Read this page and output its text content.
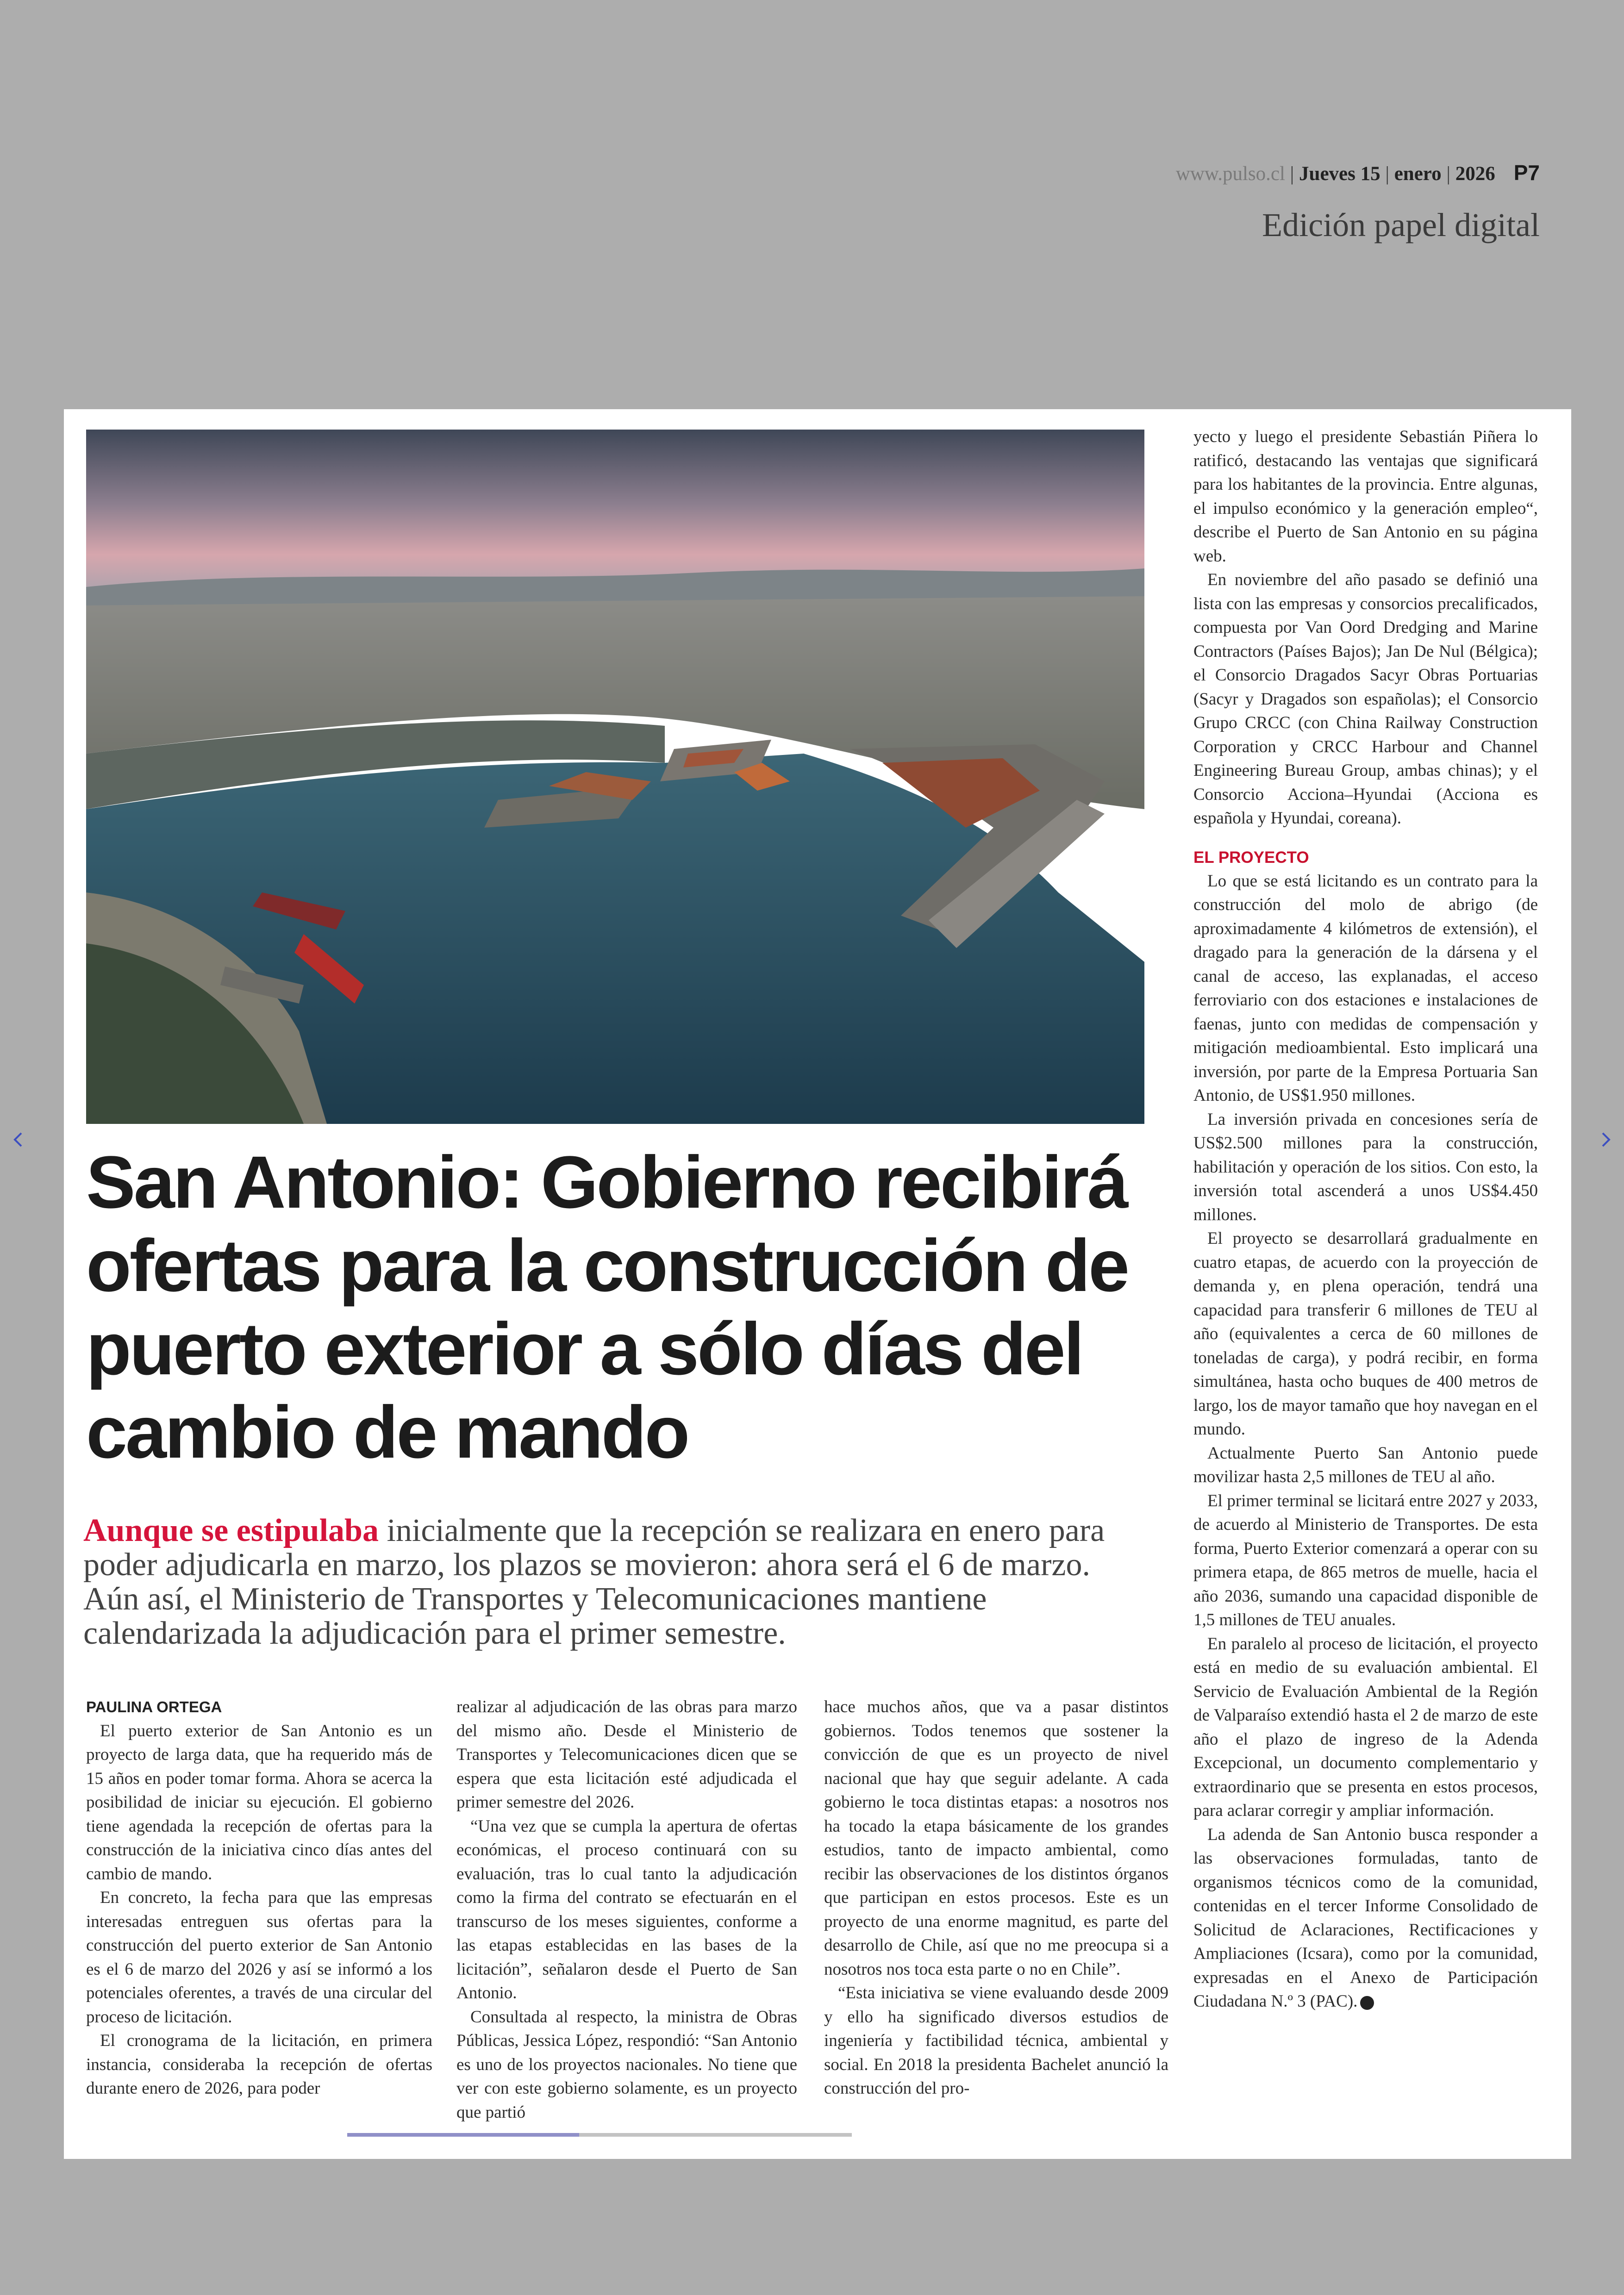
www.pulso.cl | Jueves 15 | enero | 2026 P7
Edición papel digital
San Antonio: Gobierno recibirá ofertas para la construcción de puerto exterior a sólo días del cambio de mando

Aunque se estipulaba inicialmente que la recepción se realizara en enero para poder adjudicarla en marzo, los plazos se movieron: ahora será el 6 de marzo. Aún así, el Ministerio de Transportes y Telecomunicaciones mantiene calendarizada la adjudicación para el primer semestre.

PAULINA ORTEGA

El puerto exterior de San Antonio es un proyecto de larga data, que ha requerido más de 15 años en poder tomar forma. Ahora se acerca la posibilidad de iniciar su ejecución. El gobierno tiene agendada la recepción de ofertas para la construcción de la iniciativa cinco días antes del cambio de mando.

En concreto, la fecha para que las empresas interesadas entreguen sus ofertas para la construcción del puerto exterior de San Antonio es el 6 de marzo del 2026 y así se informó a los potenciales oferentes, a través de una circular del proceso de licitación.

El cronograma de la licitación, en primera instancia, consideraba la recepción de ofertas durante enero de 2026, para poder

realizar al adjudicación de las obras para marzo del mismo año. Desde el Ministerio de Transportes y Telecomunicaciones dicen que se espera que esta licitación esté adjudicada el primer semestre del 2026.

“Una vez que se cumpla la apertura de ofertas económicas, el proceso continuará con su evaluación, tras lo cual tanto la adjudicación como la firma del contrato se efectuarán en el transcurso de los meses siguientes, conforme a las etapas establecidas en las bases de la licitación”, señalaron desde el Puerto de San Antonio.

Consultada al respecto, la ministra de Obras Públicas, Jessica López, respondió: “San Antonio es uno de los proyectos nacionales. No tiene que ver con este gobierno solamente, es un proyecto que partió

hace muchos años, que va a pasar distintos gobiernos. Todos tenemos que sostener la convicción de que es un proyecto de nivel nacional que hay que seguir adelante. A cada gobierno le toca distintas etapas: a nosotros nos ha tocado la etapa básicamente de los grandes estudios, tanto de impacto ambiental, como recibir las observaciones de los distintos órganos que participan en estos procesos. Este es un proyecto de una enorme magnitud, es parte del desarrollo de Chile, así que no me preocupa si a nosotros nos toca esta parte o no en Chile”.

“Esta iniciativa se viene evaluando desde 2009 y ello ha significado diversos estudios de ingeniería y factibilidad técnica, ambiental y social. En 2018 la presidenta Bachelet anunció la construcción del pro-

yecto y luego el presidente Sebastián Piñera lo ratificó, destacando las ventajas que significará para los habitantes de la provincia. Entre algunas, el impulso económico y la generación empleo“, describe el Puerto de San Antonio en su página web.

En noviembre del año pasado se definió una lista con las empresas y consorcios precalificados, compuesta por Van Oord Dredging and Marine Contractors (Países Bajos); Jan De Nul (Bélgica); el Consorcio Dragados Sacyr Obras Portuarias (Sacyr y Dragados son españolas); el Consorcio Grupo CRCC (con China Railway Construction Corporation y CRCC Harbour and Channel Engineering Bureau Group, ambas chinas); y el Consorcio Acciona–Hyundai (Acciona es española y Hyundai, coreana).

EL PROYECTO

Lo que se está licitando es un contrato para la construcción del molo de abrigo (de aproximadamente 4 kilómetros de extensión), el dragado para la generación de la dársena y el canal de acceso, las explanadas, el acceso ferroviario con dos estaciones e instalaciones de faenas, junto con medidas de compensación y mitigación medioambiental. Esto implicará una inversión, por parte de la Empresa Portuaria San Antonio, de US$1.950 millones.

La inversión privada en concesiones sería de US$2.500 millones para la construcción, habilitación y operación de los sitios. Con esto, la inversión total ascenderá a unos US$4.450 millones.

El proyecto se desarrollará gradualmente en cuatro etapas, de acuerdo con la proyección de demanda y, en plena operación, tendrá una capacidad para transferir 6 millones de TEU al año (equivalentes a cerca de 60 millones de toneladas de carga), y podrá recibir, en forma simultánea, hasta ocho buques de 400 metros de largo, los de mayor tamaño que hoy navegan en el mundo.

Actualmente Puerto San Antonio puede movilizar hasta 2,5 millones de TEU al año.

El primer terminal se licitará entre 2027 y 2033, de acuerdo al Ministerio de Transportes. De esta forma, Puerto Exterior comenzará a operar con su primera etapa, de 865 metros de muelle, hacia el año 2036, sumando una capacidad disponible de 1,5 millones de TEU anuales.

En paralelo al proceso de licitación, el proyecto está en medio de su evaluación ambiental. El Servicio de Evaluación Ambiental de la Región de Valparaíso extendió hasta el 2 de marzo de este año el plazo de ingreso de la Adenda Excepcional, un documento complementario y extraordinario que se presenta en estos procesos, para aclarar corregir y ampliar información.

La adenda de San Antonio busca responder a las observaciones formuladas, tanto de organismos técnicos como de la comunidad, contenidas en el tercer Informe Consolidado de Solicitud de Aclaraciones, Rectificaciones y Ampliaciones (Icsara), como por la comunidad, expresadas en el Anexo de Participación Ciudadana N.º 3 (PAC).
